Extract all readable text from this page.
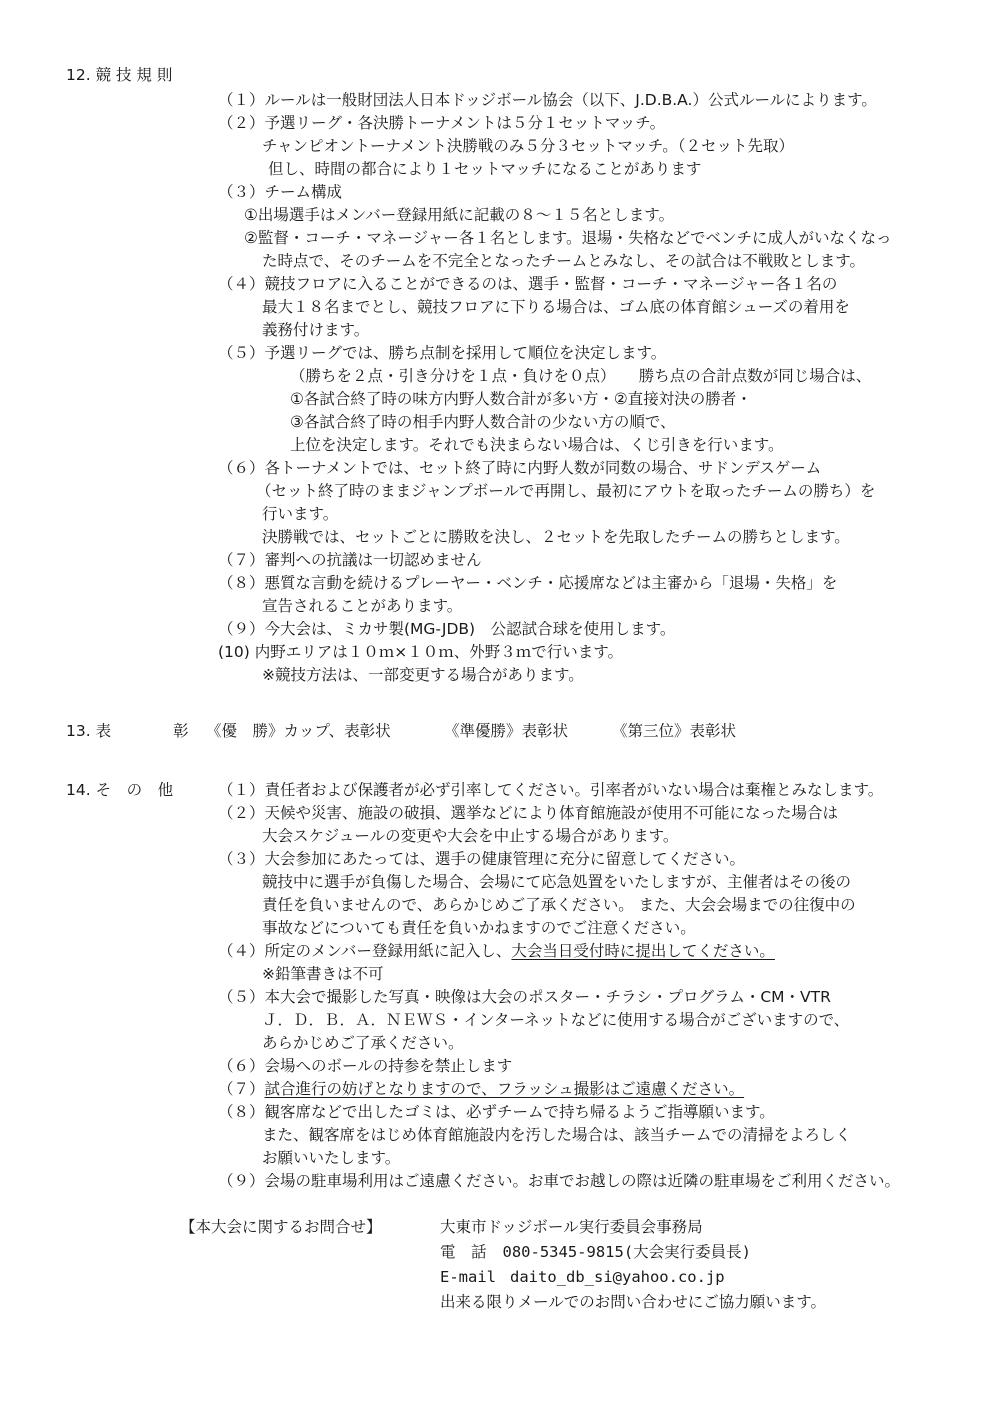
12. 競 技 規 則
（１）ルールは一般財団法人日本ドッジボール協会（以下、J.D.B.A.）公式ルールによります。
（２）予選リーグ・各決勝トーナメントは５分１セットマッチ。
チャンピオントーナメント決勝戦のみ５分３セットマッチ。（２セット先取）
但し、時間の都合により１セットマッチになることがあります
（３）チーム構成
①出場選手はメンバー登録用紙に記載の８～１５名とします。
②監督・コーチ・マネージャー各１名とします。退場・失格などでベンチに成人がいなくなっ
た時点で、そのチームを不完全となったチームとみなし、その試合は不戦敗とします。
（４）競技フロアに入ることができるのは、選手・監督・コーチ・マネージャー各１名の
最大１８名までとし、競技フロアに下りる場合は、ゴム底の体育館シューズの着用を
義務付けます。
（５）予選リーグでは、勝ち点制を採用して順位を決定します。
（勝ちを２点・引き分けを１点・負けを０点）　　勝ち点の合計点数が同じ場合は、
①各試合終了時の味方内野人数合計が多い方・②直接対決の勝者・
③各試合終了時の相手内野人数合計の少ない方の順で、
上位を決定します。それでも決まらない場合は、くじ引きを行います。
（６）各トーナメントでは、セット終了時に内野人数が同数の場合、サドンデスゲーム
（セット終了時のままジャンプボールで再開し、最初にアウトを取ったチームの勝ち）を
行います。
決勝戦では、セットごとに勝敗を決し、２セットを先取したチームの勝ちとします。
（７）審判への抗議は一切認めません
（８）悪質な言動を続けるプレーヤー・ベンチ・応援席などは主審から「退場・失格」を
宣告されることがあります。
（９）今大会は、ミカサ製(MG-JDB)　公認試合球を使用します。
(10) 内野エリアは１０ｍ×１０ｍ、外野３ｍで行います。
※競技方法は、一部変更する場合があります。
13. 表　　　　彰 《優　勝》カップ、表彰状	《準優勝》表彰状	《第三位》表彰状
14. そ　の　他	（１）責任者および保護者が必ず引率してください。引率者がいない場合は棄権とみなします。
（２）天候や災害、施設の破損、選挙などにより体育館施設が使用不可能になった場合は
大会スケジュールの変更や大会を中止する場合があります。
（３）大会参加にあたっては、選手の健康管理に充分に留意してください。
競技中に選手が負傷した場合、会場にて応急処置をいたしますが、主催者はその後の
責任を負いませんので、あらかじめご了承ください。 また、大会会場までの往復中の
事故などについても責任を負いかねますのでご注意ください。
（４）所定のメンバー登録用紙に記入し、大会当日受付時に提出してください。
※鉛筆書きは不可
（５）本大会で撮影した写真・映像は大会のポスター・チラシ・プログラム・CM・VTR
Ｊ．Ｄ．Ｂ．Ａ．ＮＥＷＳ・インターネットなどに使用する場合がございますので、
あらかじめご了承ください。
（６）会場へのボールの持参を禁止します
（７）試合進行の妨げとなりますので、フラッシュ撮影はご遠慮ください。
（８）観客席などで出したゴミは、必ずチームで持ち帰るようご指導願います。
また、観客席をはじめ体育館施設内を汚した場合は、該当チームでの清掃をよろしく
お願いいたします。
（９）会場の駐車場利用はご遠慮ください。お車でお越しの際は近隣の駐車場をご利用ください。
【本大会に関するお問合せ】	大東市ドッジボール実行委員会事務局
電　話 080-5345-9815(大会実行委員長)
E-mail daito_db_si@yahoo.co.jp
出来る限りメールでのお問い合わせにご協力願います。
